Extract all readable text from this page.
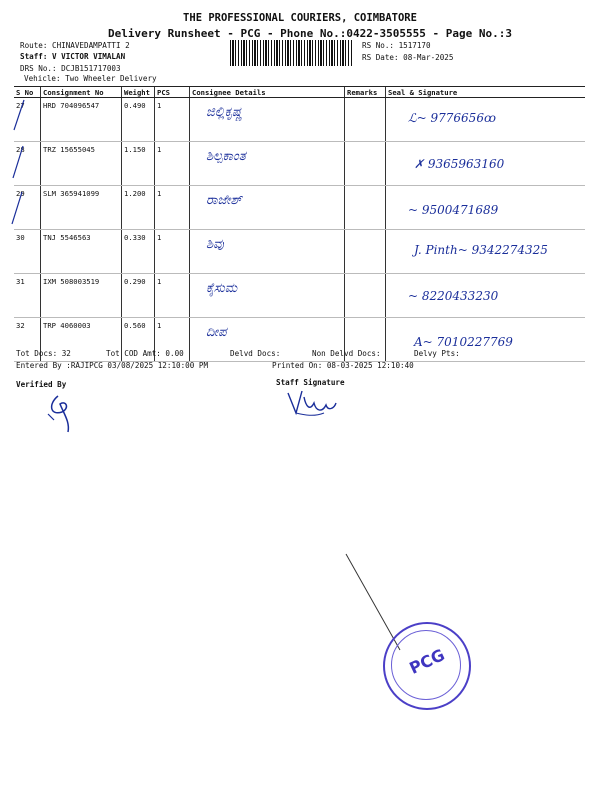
THE PROFESSIONAL COURIERS, COIMBATORE
Delivery Runsheet - PCG - Phone No.:0422-3505555 - Page No.:3
Route: CHINAVEDAMPATTI 2
Staff: V VICTOR VIMALAN
DRS No.: DCJB151717003
Vehicle: Two Wheeler Delivery
RS No.: 1517170
RS Date: 08-Mar-2025
S No	Consignment No	Weight	PCS	Consignee Details	Remarks	Seal & Signature
27	HRD 704096547	0.490	1	ಜಿಲ್ಲಿಕೃಷ್ಣ		ℒ~ 9776656ꝏ
28	TRZ 15655045	1.150	1	ಶಿಲ್ಪಕಾಂತ		✗ 9365963160
29	SLM 365941099	1.200	1	ರಾಜೇಶ್		~ 9500471689
30	TNJ 5546563	0.330	1	ಶಿವು		J. Pinth~ 9342274325
31	IXM 508003519	0.290	1	ಕೈಸುಮ		~ 8220433230
32	TRP 4060003	0.560	1	ದೀಪ		A~ 7010227769
Tot Docs: 32	Tot COD Amt: 0.00	Delvd Docs:	Non Delvd Docs:	Delvy Pts:
Entered By :RAJIPCG 03/08/2025 12:10:00 PM	Printed On: 08-03-2025 12:10:40
Verified By	Staff Signature
PCG
